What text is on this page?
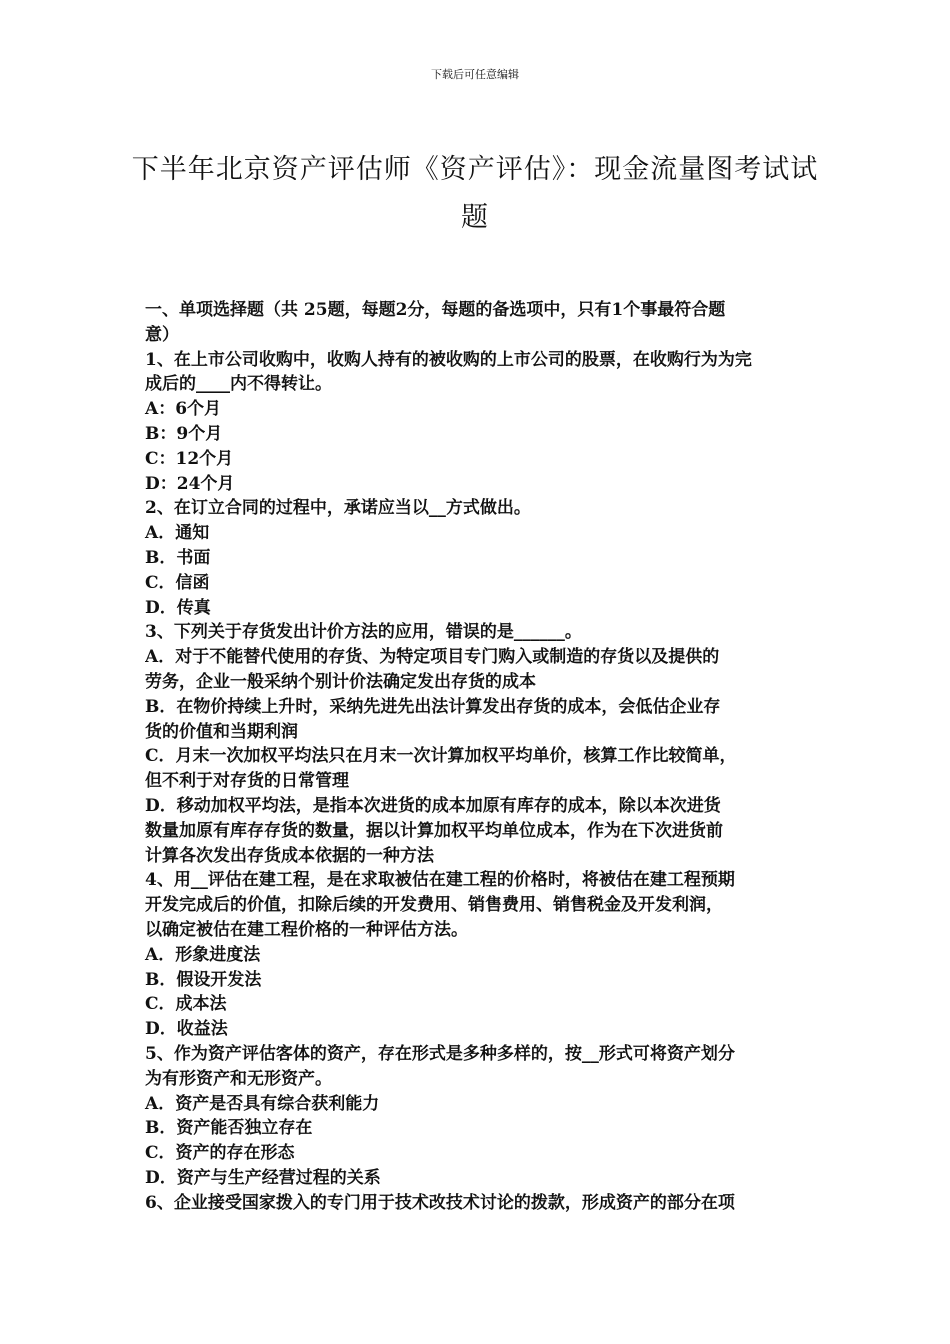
下载后可任意编辑
下半年北京资产评估师《资产评估》：现金流量图考试试
题
一、单项选择题（共 25题，每题2分，每题的备选项中，只有1个事最符合题
意）
1、在上市公司收购中，收购人持有的被收购的上市公司的股票，在收购行为为完
成后的____内不得转让。
A：6个月
B：9个月
C：12个月
D：24个月
2、在订立合同的过程中，承诺应当以__方式做出。
A．通知
B．书面
C．信函
D．传真
3、下列关于存货发出计价方法的应用，错误的是______。
A．对于不能替代使用的存货、为特定项目专门购入或制造的存货以及提供的
劳务，企业一般采纳个别计价法确定发出存货的成本
B．在物价持续上升时，采纳先进先出法计算发出存货的成本，会低估企业存
货的价值和当期利润
C．月末一次加权平均法只在月末一次计算加权平均单价，核算工作比较简单，
但不利于对存货的日常管理
D．移动加权平均法，是指本次进货的成本加原有库存的成本，除以本次进货
数量加原有库存存货的数量，据以计算加权平均单位成本，作为在下次进货前
计算各次发出存货成本依据的一种方法
4、用__评估在建工程，是在求取被估在建工程的价格时，将被估在建工程预期
开发完成后的价值，扣除后续的开发费用、销售费用、销售税金及开发利润，
以确定被估在建工程价格的一种评估方法。
A．形象进度法
B．假设开发法
C．成本法
D．收益法
5、作为资产评估客体的资产，存在形式是多种多样的，按__形式可将资产划分
为有形资产和无形资产。
A．资产是否具有综合获利能力
B．资产能否独立存在
C．资产的存在形态
D．资产与生产经营过程的关系
6、企业接受国家拨入的专门用于技术改技术讨论的拨款，形成资产的部分在项
